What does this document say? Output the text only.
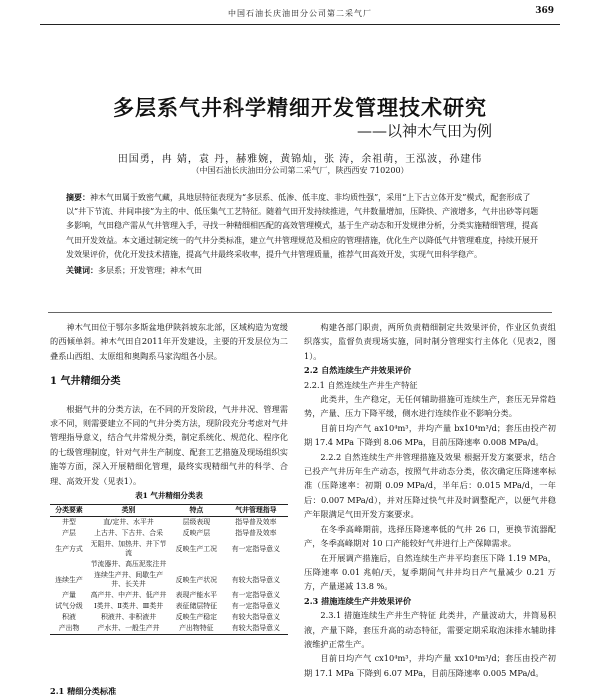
中国石油长庆油田分公司第二采气厂	369
多层系气井科学精细开发管理技术研究
——以神木气田为例
田国勇，冉 婧，袁 丹，赫雅婉，黄锦灿，张 涛，余祖萌，王泓波，孙建伟
（中国石油长庆油田分公司第二采气厂，陕西西安 710200）
摘要：神木气田属于致密气藏，具地层特征表现为“多层系、低渗、低丰度、非均质性强”，采用“上下古立体开发”模式，配套形成了以“井下节流、井间串接”为主的中、低压集气工艺特征。随着气田开发持续推进，气井数量增加，压降快、产液增多，气井出砂等问题多影响，气田稳产需从气井管理入手，寻找一种精细相匹配的高效管理模式，基于生产动态和开发规律分析，分类实施精细管理，提高气田开发效益。本文通过制定统一的气井分类标准，建立气井管理规范及相应的管理措施，优化生产以降低气井管理难度，持续开展开发效果评价，优化开发技术措施，提高气井最终采收率，提升气井管理质量，推荐气田高效开发，实现气田科学稳产。
关键词：多层系；开发管理；神木气田

神木气田位于鄂尔多斯盆地伊陕斜坡东北部，区域构造为宽缓的西倾单斜。神木气田自2011年开发建设，主要的开发层位为二叠系山西组、太原组和奥陶系马家沟组各小层。

1 气井精细分类

根据气井的分类方法，在不同的开发阶段，气井井况、管理需求不同，则需要建立不同的气井分类方法，现阶段充分考虑对气井管理指导意义，结合气井常规分类，制定系统化、规范化、程序化的七级管理制度，针对气井生产制度、配套工艺措施及现场组织实施等方面，深入开展精细化管理，最终实现精细气井的科学、合理、高效开发（见表1）。

表1 气井精细分类表
分类要素	类别	特点	气井管理指导
井型	直/定井、水平井	层级表现	指导普及效率
产层	上古井、下古井、合采	反映产层	指导普及效率
生产方式	无阻井、加热井、井下节流	反映生产工况	有一定指导意义
	节流器井、高压泥浆注井		
连续生产	连续生产井、间歇生产井、长关井	反映生产状况	有较大指导意义
产量	高产井、中产井、低产井	表现产能水平	有一定指导意义
试气分级	Ⅰ类井、Ⅱ类井、Ⅲ类井	表征储层特征	有一定指导意义
积液	积液井、非积液井	反映生产稳定	有较大指导意义
产出物	产水井、一般生产井	产出物特征	有较大指导意义
2.1 精细分类标准

构建各部门职责，两所负责精细制定共效果评价，作业区负责组织落实，监督负责现场实施，同时制分管理实行主体化（见表2，图1）。

2.2 自然连续生产井效果评价
2.2.1 自然连续生产井生产特征

此类井，生产稳定，无任何辅助措施可连续生产，套压无异常趋势，产量、压力下降平缓，侧水进行连续作业不影响分类。

目前日均产气 ax10⁴m³，井均产量 bx10⁴m³/d；套压由投产初期 17.4 MPa 下降到 8.06 MPa，目前压降速率 0.008 MPa/d。

2.2.2 自然连续生产井管理措施及效果 根据开发方案要求，结合已投产气井历年生产动态，按照气井动态分类，依次确定压降速率标准（压降速率：初期 0.09 MPa/d，半年后：0.015 MPa/d，一年后：0.007 MPa/d），并对压降过快气井及时调整配产，以便气井稳产年限满足气田开发方案要求。

在冬季高峰期前，选择压降速率低的气井 26 口，更换节流器配产，冬季高峰期对 10 口产能较好气井进行上产保障需求。

在开展调产措施后，自然连续生产井平均套压下降 1.19 MPa，压降速率 0.01 兆帕/天，复季期间气井井均日产气量减少 0.21 万方，产量递减 13.8 %。

2.3 措施连续生产井效果评价

2.3.1 措施连续生产井生产特征 此类井，产量波动大，井筒易积液，产量下降，套压升高的动态特征，需要定期采取泡沫排水辅助排液维护正常生产。

目前日均产气 cx10⁴m³，井均产量 xx10⁴m³/d；套压由投产初期 17.1 MPa 下降到 6.07 MPa，目前压降速率 0.005 MPa/d。
